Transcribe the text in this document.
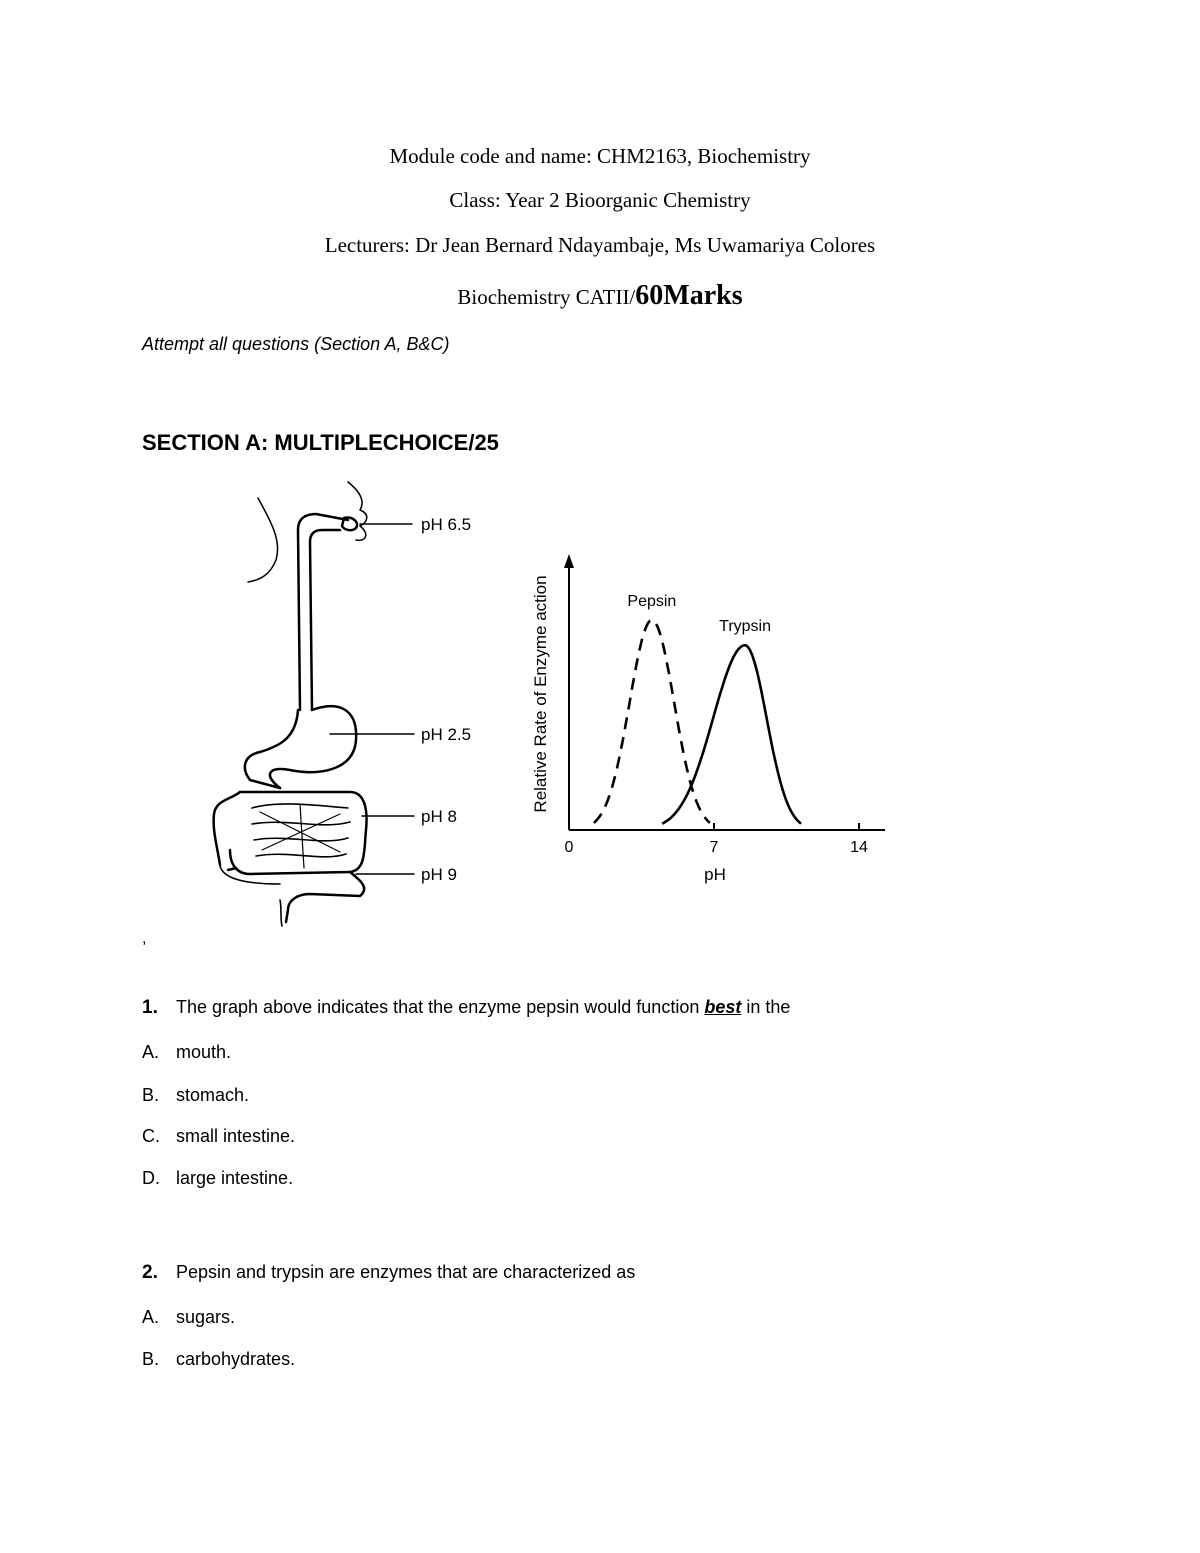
Module code and name: CHM2163, Biochemistry
Class: Year 2 Bioorganic Chemistry
Lecturers: Dr Jean Bernard Ndayambaje, Ms Uwamariya Colores
Biochemistry CATII/60Marks
Attempt all questions (Section A, B&C)
SECTION A: MULTIPLECHOICE/25
pH 6.5
pH 2.5
pH 8
pH 9
Relative Rate of Enzyme action
pH
0	7	14
Pepsin
Trypsin
,
1. The graph above indicates that the enzyme pepsin would function best in the
A. mouth.
B. stomach.
C. small intestine.
D. large intestine.
2. Pepsin and trypsin are enzymes that are characterized as
A. sugars.
B. carbohydrates.
